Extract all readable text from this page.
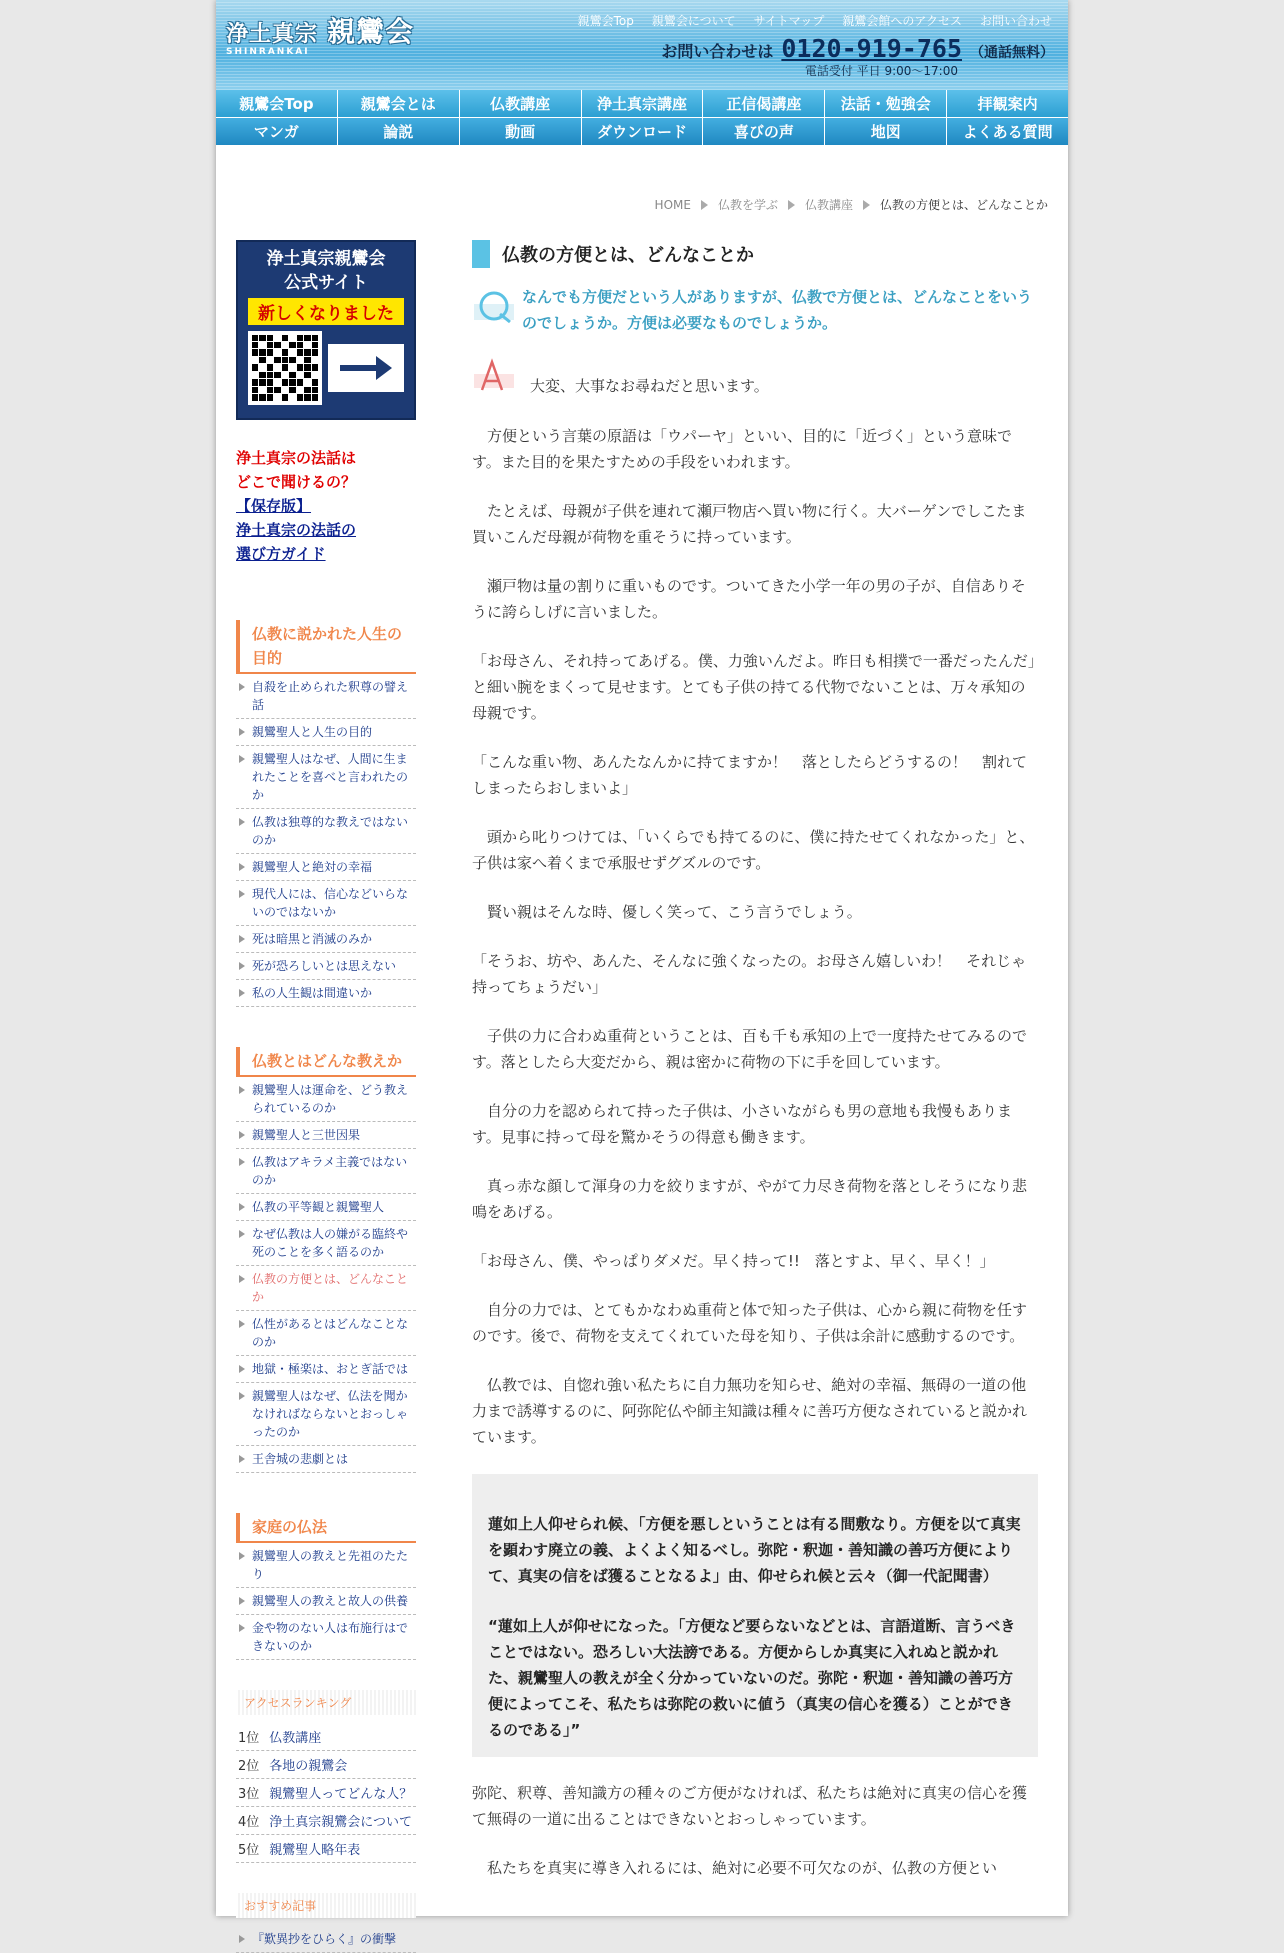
浄土真宗 親鸞会
SHINRANKAI
親鸞会Top 親鸞会について サイトマップ 親鸞会館へのアクセス お問い合わせ
お問い合わせは 0120-919-765 （通話無料）
電話受付 平日 9:00～17:00
親鸞会Top	親鸞会とは	仏教講座	浄土真宗講座	正信偈講座	法話・勉強会	拝観案内
マンガ	論説	動画	ダウンロード	喜びの声	地図	よくある質問
HOME 仏教を学ぶ 仏教講座 仏教の方便とは、どんなことか
浄土真宗親鸞会
公式サイト
新しくなりました
浄土真宗の法話は
どこで聞けるの？
【保存版】
浄土真宗の法話の
選び方ガイド
仏教に説かれた人生の目的
自殺を止められた釈尊の譬え話
親鸞聖人と人生の目的
親鸞聖人はなぜ、人間に生まれたことを喜べと言われたのか
仏教は独尊的な教えではないのか
親鸞聖人と絶対の幸福
現代人には、信心などいらないのではないか
死は暗黒と消滅のみか
死が恐ろしいとは思えない
私の人生観は間違いか
仏教とはどんな教えか
親鸞聖人は運命を、どう教えられているのか
親鸞聖人と三世因果
仏教はアキラメ主義ではないのか
仏教の平等観と親鸞聖人
なぜ仏教は人の嫌がる臨終や死のことを多く語るのか
仏教の方便とは、どんなことか
仏性があるとはどんなことなのか
地獄・極楽は、おとぎ話では
親鸞聖人はなぜ、仏法を聞かなければならないとおっしゃったのか
王舎城の悲劇とは
家庭の仏法
親鸞聖人の教えと先祖のたたり
親鸞聖人の教えと故人の供養
金や物のない人は布施行はできないのか
アクセスランキング
1位 仏教講座
2位 各地の親鸞会
3位 親鸞聖人ってどんな人？
4位 浄土真宗親鸞会について
5位 親鸞聖人略年表
おすすめ記事
『歎異抄をひらく』の衝撃
仏教の方便とは、どんなことか
なんでも方便だという人がありますが、仏教で方便とは、どんなことをいうのでしょうか。方便は必要なものでしょうか。

大変、大事なお尋ねだと思います。

　方便という言葉の原語は「ウパーヤ」といい、目的に「近づく」という意味です。また目的を果たすための手段をいわれます。

　たとえば、母親が子供を連れて瀬戸物店へ買い物に行く。大バーゲンでしこたま買いこんだ母親が荷物を重そうに持っています。

　瀬戸物は量の割りに重いものです。ついてきた小学一年の男の子が、自信ありそうに誇らしげに言いました。

「お母さん、それ持ってあげる。僕、力強いんだよ。昨日も相撲で一番だったんだ」と細い腕をまくって見せます。とても子供の持てる代物でないことは、万々承知の母親です。

「こんな重い物、あんたなんかに持てますか！　落としたらどうするの！　割れてしまったらおしまいよ」

　頭から叱りつけては、「いくらでも持てるのに、僕に持たせてくれなかった」と、子供は家へ着くまで承服せずグズルのです。

　賢い親はそんな時、優しく笑って、こう言うでしょう。

「そうお、坊や、あんた、そんなに強くなったの。お母さん嬉しいわ！　それじゃ持ってちょうだい」

　子供の力に合わぬ重荷ということは、百も千も承知の上で一度持たせてみるのです。落としたら大変だから、親は密かに荷物の下に手を回しています。

　自分の力を認められて持った子供は、小さいながらも男の意地も我慢もあります。見事に持って母を驚かそうの得意も働きます。

　真っ赤な顔して渾身の力を絞りますが、やがて力尽き荷物を落としそうになり悲鳴をあげる。

「お母さん、僕、やっぱりダメだ。早く持って!!　落とすよ、早く、早く！」

　自分の力では、とてもかなわぬ重荷と体で知った子供は、心から親に荷物を任すのです。後で、荷物を支えてくれていた母を知り、子供は余計に感動するのです。

　仏教では、自惚れ強い私たちに自力無功を知らせ、絶対の幸福、無碍の一道の他力まで誘導するのに、阿弥陀仏や師主知識は種々に善巧方便なされていると説かれています。

蓮如上人仰せられ候、「方便を悪しということは有る間敷なり。方便を以て真実を顕わす廃立の義、よくよく知るべし。弥陀・釈迦・善知識の善巧方便によりて、真実の信をば獲ることなるよ」由、仰せられ候と云々（御一代記聞書）

“蓮如上人が仰せになった。「方便など要らないなどとは、言語道断、言うべきことではない。恐ろしい大法謗である。方便からしか真実に入れぬと説かれた、親鸞聖人の教えが全く分かっていないのだ。弥陀・釈迦・善知識の善巧方便によってこそ、私たちは弥陀の救いに値う（真実の信心を獲る）ことができるのである」”

弥陀、釈尊、善知識方の種々のご方便がなければ、私たちは絶対に真実の信心を獲て無碍の一道に出ることはできないとおっしゃっています。

　私たちを真実に導き入れるには、絶対に必要不可欠なのが、仏教の方便とい
